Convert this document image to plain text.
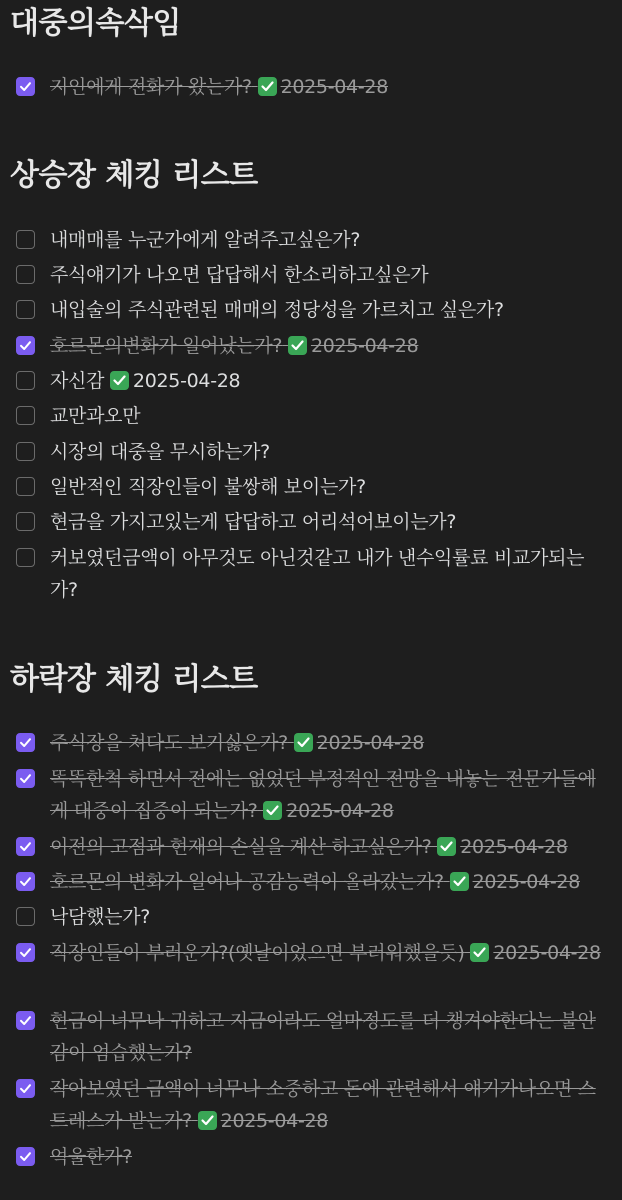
대중의속삭임
지인에게 전화가 왔는가? 2025-04-28
상승장 체킹 리스트
내매매를 누군가에게 알려주고싶은가?
주식얘기가 나오면 답답해서 한소리하고싶은가
내입술의 주식관련된 매매의 정당성을 가르치고 싶은가?
호르몬의변화가 일어났는가? 2025-04-28
자신감 2025-04-28
교만과오만
시장의 대중을 무시하는가?
일반적인 직장인들이 불쌍해 보이는가?
현금을 가지고있는게 답답하고 어리석어보이는가?
커보였던금액이 아무것도 아닌것같고 내가 낸수익률료 비교가되는가?
하락장 체킹 리스트
주식장을 쳐다도 보기싫은가? 2025-04-28
똑똑한척 하면서 전에는 없었던 부정적인 전망을 내놓는 전문가들에게 대중이 집중이 되는가? 2025-04-28
이전의 고점과 현재의 손실을 계산 하고싶은가? 2025-04-28
호르몬의 변화가 일어나 공감능력이 올라갔는가? 2025-04-28
낙담했는가?
직장인들이 부러운가?(옛날이었으면 부러워했을듯) 2025-04-28
현금이 너무나 귀하고 지금이라도 얼마정도를 더 챙겨야한다는 불안감이 엄습했는가?
작아보였던 금액이 너무나 소중하고 돈에 관련해서 얘기가나오면 스트레스가 받는가? 2025-04-28
억울한가?
